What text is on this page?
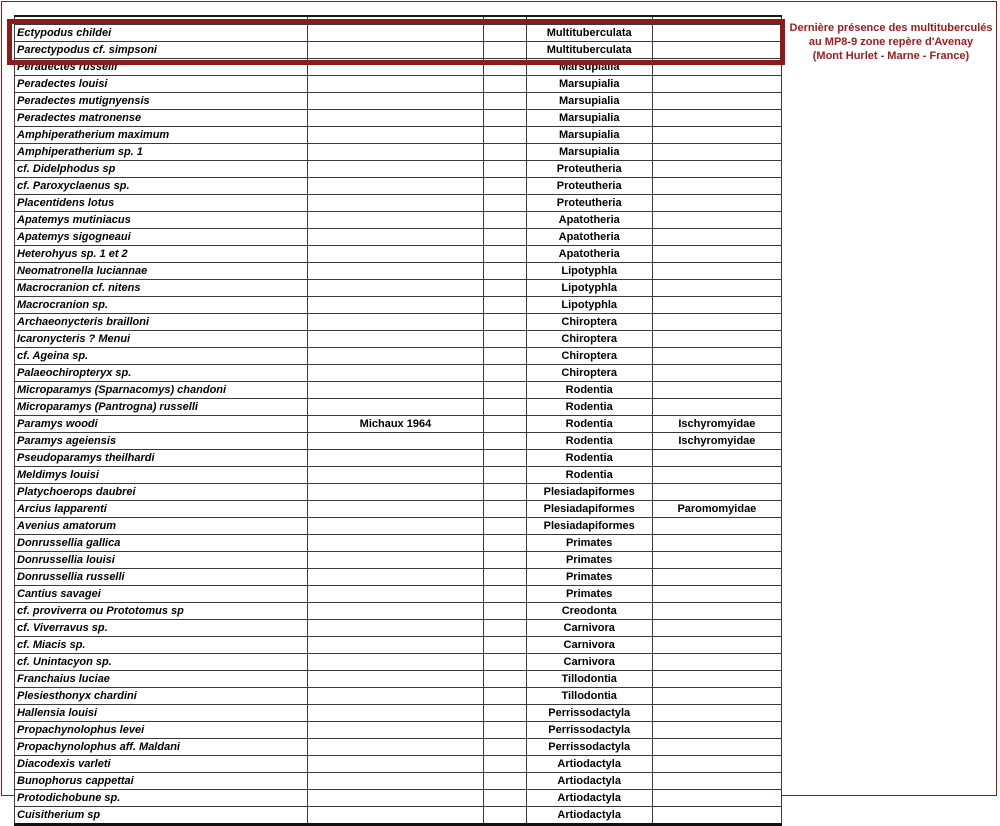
Ectypodus childei			Multituberculata	
Parectypodus cf. simpsoni			Multituberculata	
Peradectes russelli			Marsupialia	
Peradectes louisi			Marsupialia	
Peradectes mutignyensis			Marsupialia	
Peradectes matronense			Marsupialia	
Amphiperatherium maximum			Marsupialia	
Amphiperatherium sp. 1			Marsupialia	
cf. Didelphodus sp			Proteutheria	
cf. Paroxyclaenus sp.			Proteutheria	
Placentidens lotus			Proteutheria	
Apatemys mutiniacus			Apatotheria	
Apatemys sigogneaui			Apatotheria	
Heterohyus sp. 1 et 2			Apatotheria	
Neomatronella luciannae			Lipotyphla	
Macrocranion cf. nitens			Lipotyphla	
Macrocranion sp.			Lipotyphla	
Archaeonycteris brailloni			Chiroptera	
Icaronycteris ? Menui			Chiroptera	
cf. Ageina sp.			Chiroptera	
Palaeochiropteryx sp.			Chiroptera	
Microparamys (Sparnacomys) chandoni			Rodentia	
Microparamys (Pantrogna) russelli			Rodentia	
Paramys woodi	Michaux 1964		Rodentia	Ischyromyidae
Paramys ageiensis			Rodentia	Ischyromyidae
Pseudoparamys theilhardi			Rodentia	
Meldimys louisi			Rodentia	
Platychoerops daubrei			Plesiadapiformes	
Arcius lapparenti			Plesiadapiformes	Paromomyidae
Avenius amatorum			Plesiadapiformes	
Donrussellia gallica			Primates	
Donrussellia louisi			Primates	
Donrussellia russelli			Primates	
Cantius savagei			Primates	
cf. proviverra ou Prototomus sp			Creodonta	
cf. Viverravus sp.			Carnivora	
cf. Miacis sp.			Carnivora	
cf. Unintacyon sp.			Carnivora	
Franchaius luciae			Tillodontia	
Plesiesthonyx chardini			Tillodontia	
Hallensia louisi			Perrissodactyla	
Propachynolophus levei			Perrissodactyla	
Propachynolophus aff. Maldani			Perrissodactyla	
Diacodexis varleti			Artiodactyla	
Bunophorus cappettai			Artiodactyla	
Protodichobune sp.			Artiodactyla	
Cuisitherium sp			Artiodactyla	
Dernière présence des multituberculés
au MP8-9 zone repère d'Avenay
(Mont Hurlet - Marne - France)
